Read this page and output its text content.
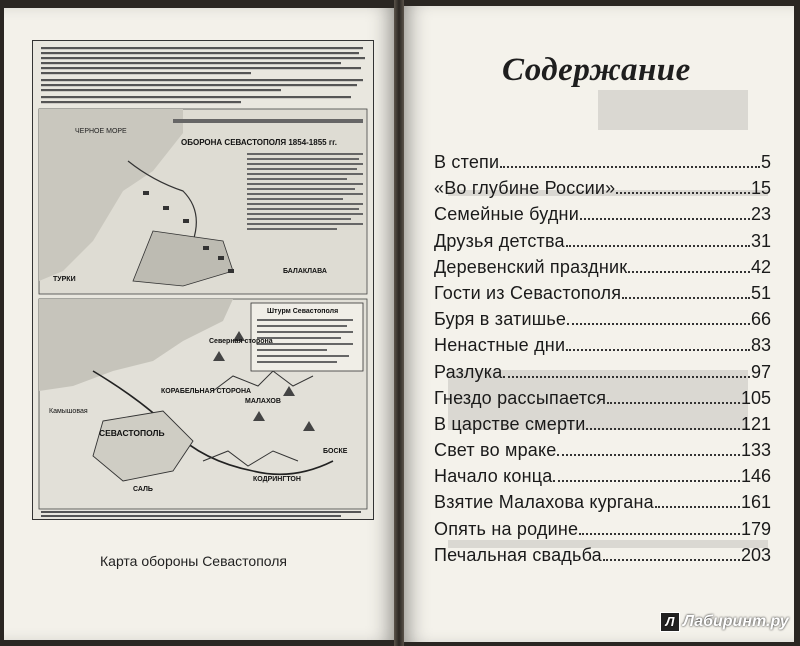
ЧЕРНОЕ МОРЕ
ОБОРОНА СЕВАСТОПОЛЯ 1854-1855 гг.
ТУРКИ
БАЛАКЛАВА
Штурм Севастополя
КОРАБЕЛЬНАЯ СТОРОНА
Северная сторона
СЕВАСТОПОЛЬ
МАЛАХОВ
САЛЬ
КОДРИНГТОН
БОСКЕ
Камышовая
Карта обороны Севастополя
Содержание
В степи	5
«Во глубине России»	15
Семейные будни	23
Друзья детства	31
Деревенский праздник	42
Гости из Севастополя	51
Буря в затишье	66
Ненастные дни	83
Разлука	97
Гнездо рассыпается	105
В царстве смерти	121
Свет во мраке	133
Начало конца	146
Взятие Малахова кургана	161
Опять на родине	179
Печальная свадьба	203
Л Лабиринт.ру
